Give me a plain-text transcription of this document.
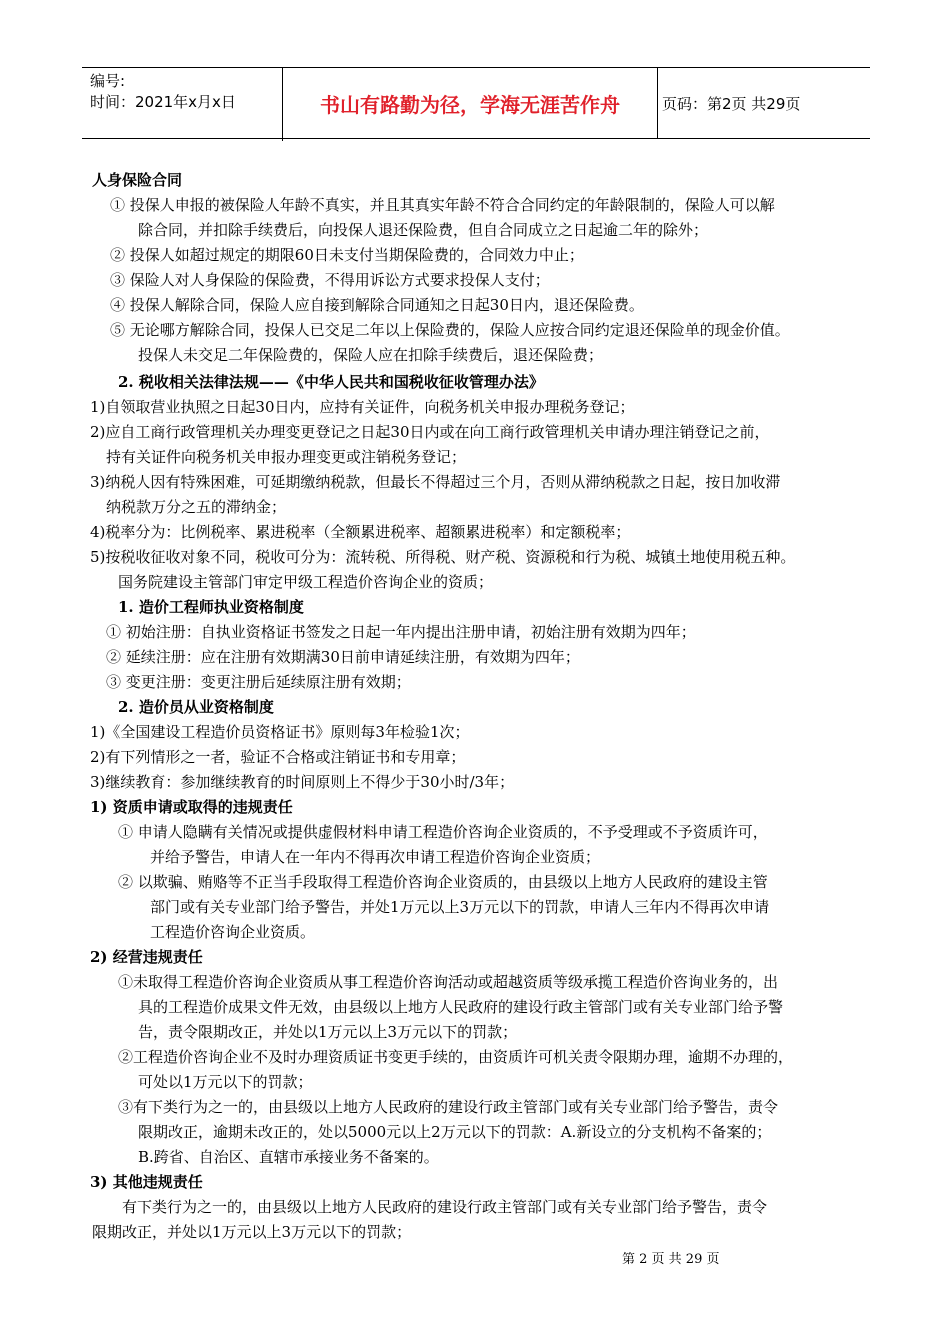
编号:
时间：2021年x月x日	书山有路勤为径，学海无涯苦作舟	页码：第2页 共29页
人身保险合同
① 投保人申报的被保险人年龄不真实，并且其真实年龄不符合合同约定的年龄限制的，保险人可以解
除合同，并扣除手续费后，向投保人退还保险费，但自合同成立之日起逾二年的除外；
② 投保人如超过规定的期限60日未支付当期保险费的，合同效力中止；
③ 保险人对人身保险的保险费，不得用诉讼方式要求投保人支付；
④ 投保人解除合同，保险人应自接到解除合同通知之日起30日内，退还保险费。
⑤ 无论哪方解除合同，投保人已交足二年以上保险费的，保险人应按合同约定退还保险单的现金价值。
投保人未交足二年保险费的，保险人应在扣除手续费后，退还保险费；
2. 税收相关法律法规——《中华人民共和国税收征收管理办法》
1)自领取营业执照之日起30日内，应持有关证件，向税务机关申报办理税务登记；
2)应自工商行政管理机关办理变更登记之日起30日内或在向工商行政管理机关申请办理注销登记之前，
持有关证件向税务机关申报办理变更或注销税务登记；
3)纳税人因有特殊困难，可延期缴纳税款，但最长不得超过三个月，否则从滞纳税款之日起，按日加收滞
纳税款万分之五的滞纳金；
4)税率分为：比例税率、累进税率（全额累进税率、超额累进税率）和定额税率；
5)按税收征收对象不同，税收可分为：流转税、所得税、财产税、资源税和行为税、城镇土地使用税五种。
国务院建设主管部门审定甲级工程造价咨询企业的资质；
1. 造价工程师执业资格制度
① 初始注册：自执业资格证书签发之日起一年内提出注册申请，初始注册有效期为四年；
② 延续注册：应在注册有效期满30日前申请延续注册，有效期为四年；
③ 变更注册：变更注册后延续原注册有效期；
2. 造价员从业资格制度
1)《全国建设工程造价员资格证书》原则每3年检验1次；
2)有下列情形之一者，验证不合格或注销证书和专用章；
3)继续教育：参加继续教育的时间原则上不得少于30小时/3年；
1) 资质申请或取得的违规责任
① 申请人隐瞒有关情况或提供虚假材料申请工程造价咨询企业资质的，不予受理或不予资质许可，
并给予警告，申请人在一年内不得再次申请工程造价咨询企业资质；
② 以欺骗、贿赂等不正当手段取得工程造价咨询企业资质的，由县级以上地方人民政府的建设主管
部门或有关专业部门给予警告，并处1万元以上3万元以下的罚款，申请人三年内不得再次申请
工程造价咨询企业资质。
2) 经营违规责任
①未取得工程造价咨询企业资质从事工程造价咨询活动或超越资质等级承揽工程造价咨询业务的，出
具的工程造价成果文件无效，由县级以上地方人民政府的建设行政主管部门或有关专业部门给予警
告，责令限期改正，并处以1万元以上3万元以下的罚款；
②工程造价咨询企业不及时办理资质证书变更手续的，由资质许可机关责令限期办理，逾期不办理的，
可处以1万元以下的罚款；
③有下类行为之一的，由县级以上地方人民政府的建设行政主管部门或有关专业部门给予警告，责令
限期改正，逾期未改正的，处以5000元以上2万元以下的罚款：A.新设立的分支机构不备案的；
B.跨省、自治区、直辖市承接业务不备案的。
3) 其他违规责任
有下类行为之一的，由县级以上地方人民政府的建设行政主管部门或有关专业部门给予警告，责令
限期改正，并处以1万元以上3万元以下的罚款；
第 2 页 共 29 页
